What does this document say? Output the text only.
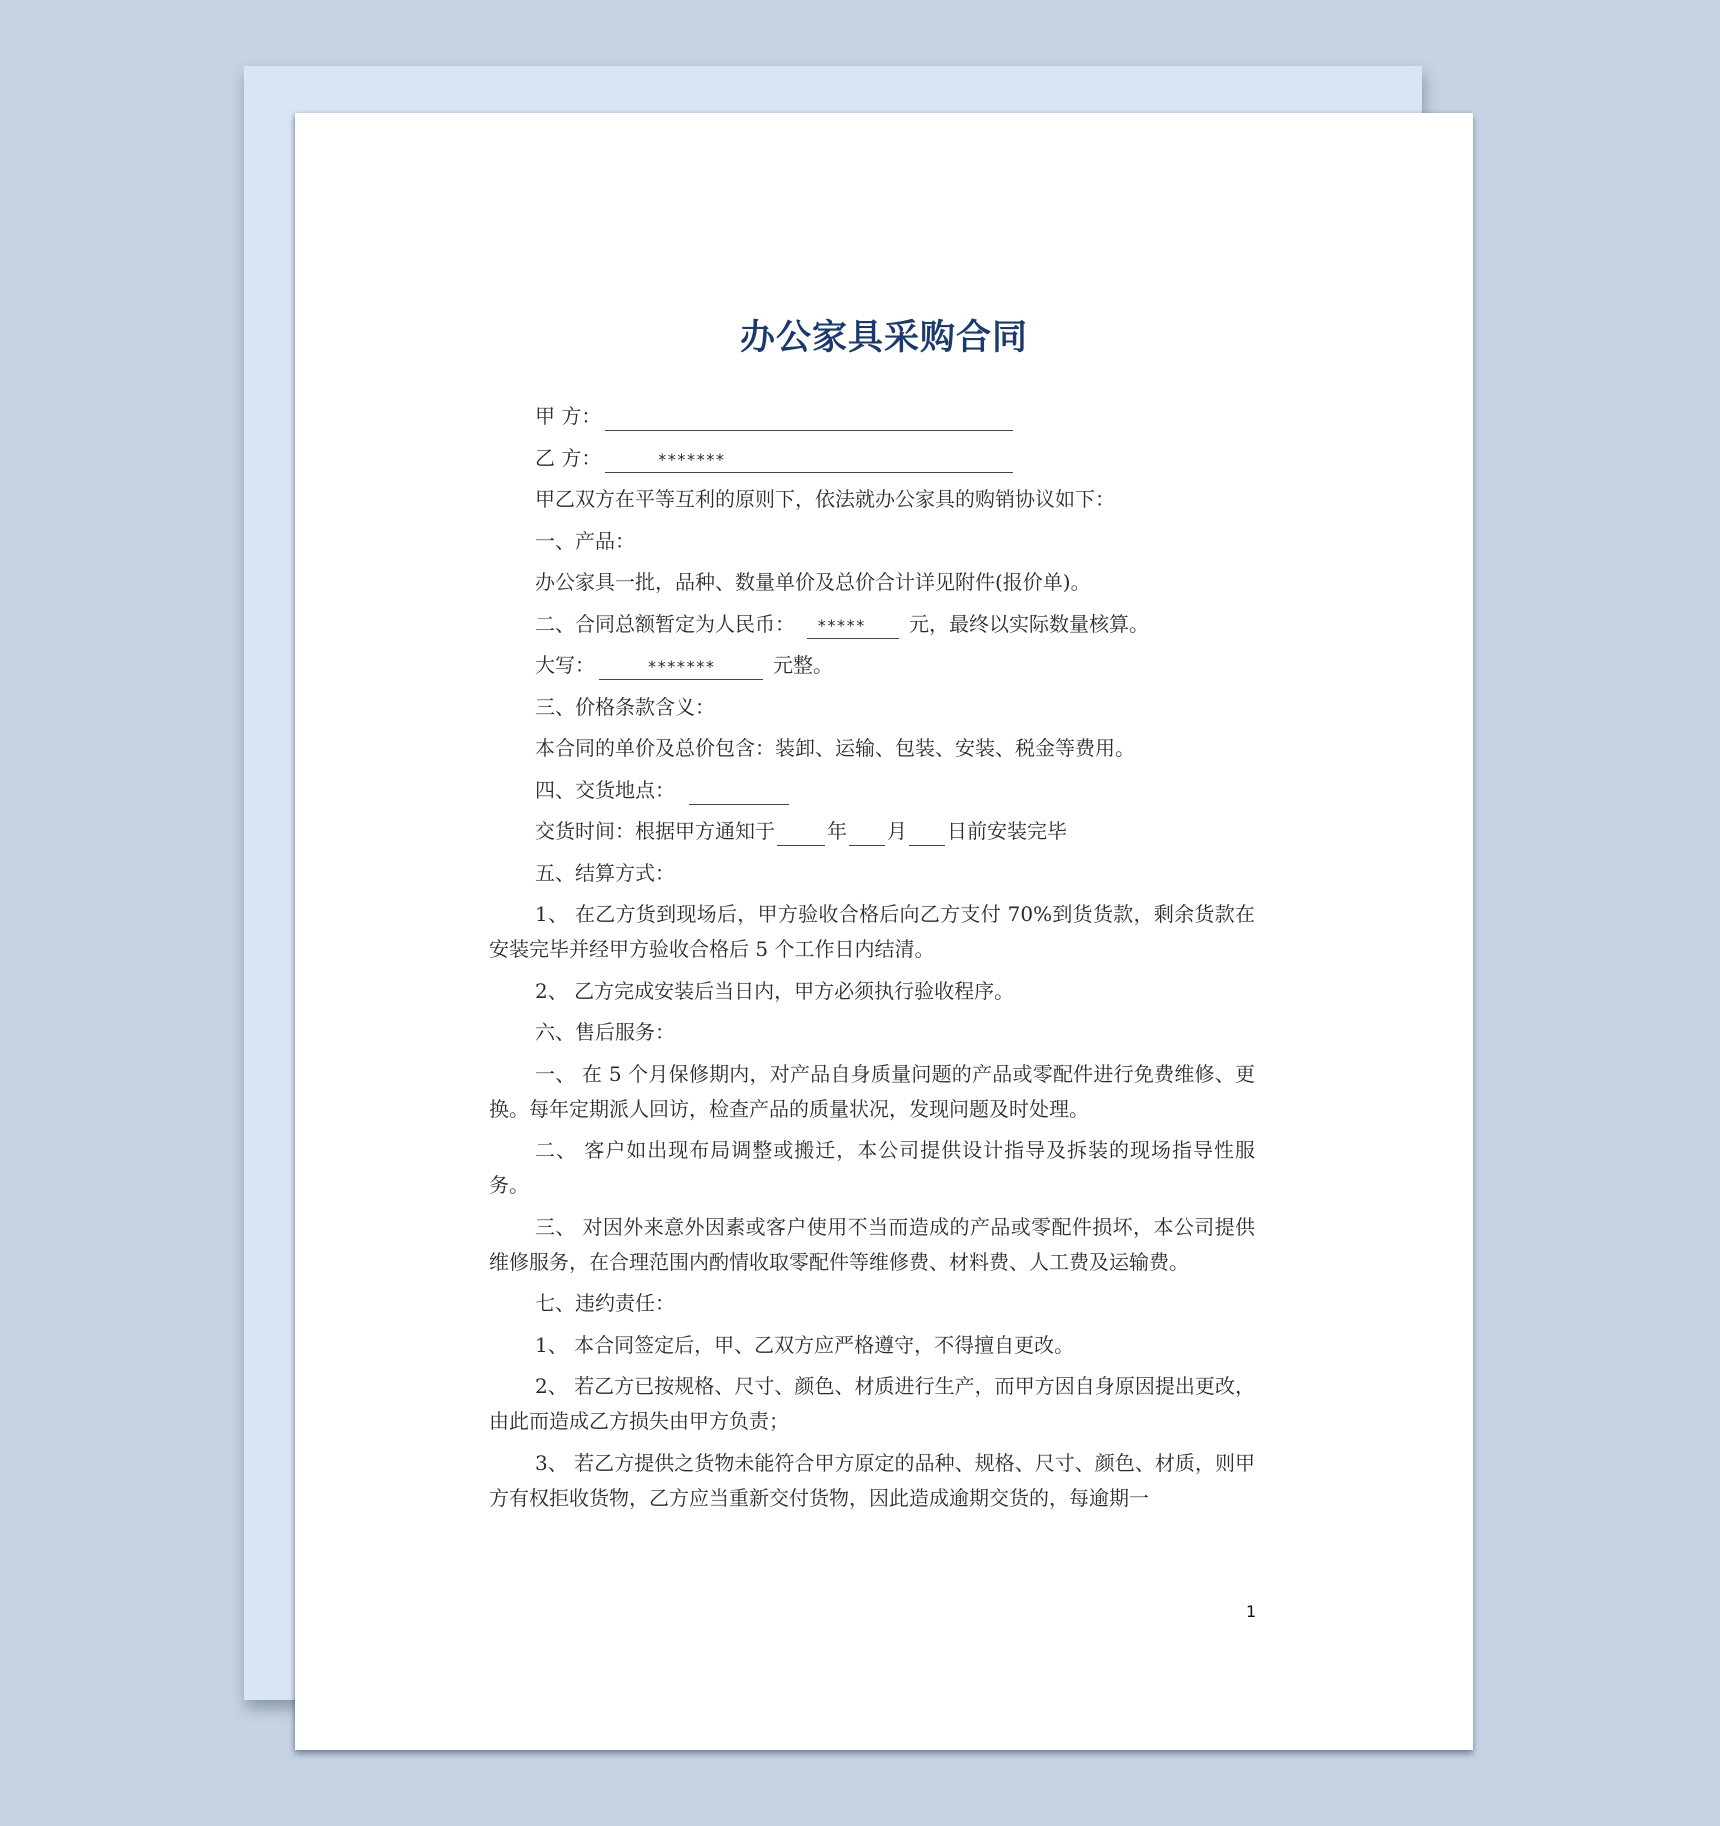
办公家具采购合同

甲 方：

乙 方：	*******

甲乙双方在平等互利的原则下，依法就办公家具的购销协议如下：

一、产品：

办公家具一批，品种、数量单价及总价合计详见附件(报价单)。

二、合同总额暂定为人民币： ***** 元，最终以实际数量核算。

大写：	*******	元整。

三、价格条款含义：

本合同的单价及总价包含：装卸、运输、包装、安装、税金等费用。

四、交货地点：

交货时间：根据甲方通知于	年 月 日前安装完毕

五、结算方式：

1、 在乙方货到现场后，甲方验收合格后向乙方支付 70%到货货款，剩余货款在安装完毕并经甲方验收合格后 5 个工作日内结清。

2、 乙方完成安装后当日内，甲方必须执行验收程序。

六、售后服务：

一、 在 5 个月保修期内，对产品自身质量问题的产品或零配件进行免费维修、更换。每年定期派人回访，检查产品的质量状况，发现问题及时处理。

二、 客户如出现布局调整或搬迁，本公司提供设计指导及拆装的现场指导性服务。

三、 对因外来意外因素或客户使用不当而造成的产品或零配件损坏，本公司提供维修服务，在合理范围内酌情收取零配件等维修费、材料费、人工费及运输费。

七、违约责任：

1、 本合同签定后，甲、乙双方应严格遵守，不得擅自更改。

2、 若乙方已按规格、尺寸、颜色、材质进行生产，而甲方因自身原因提出更改，由此而造成乙方损失由甲方负责；

3、 若乙方提供之货物未能符合甲方原定的品种、规格、尺寸、颜色、材质，则甲方有权拒收货物，乙方应当重新交付货物，因此造成逾期交货的，每逾期一

1
